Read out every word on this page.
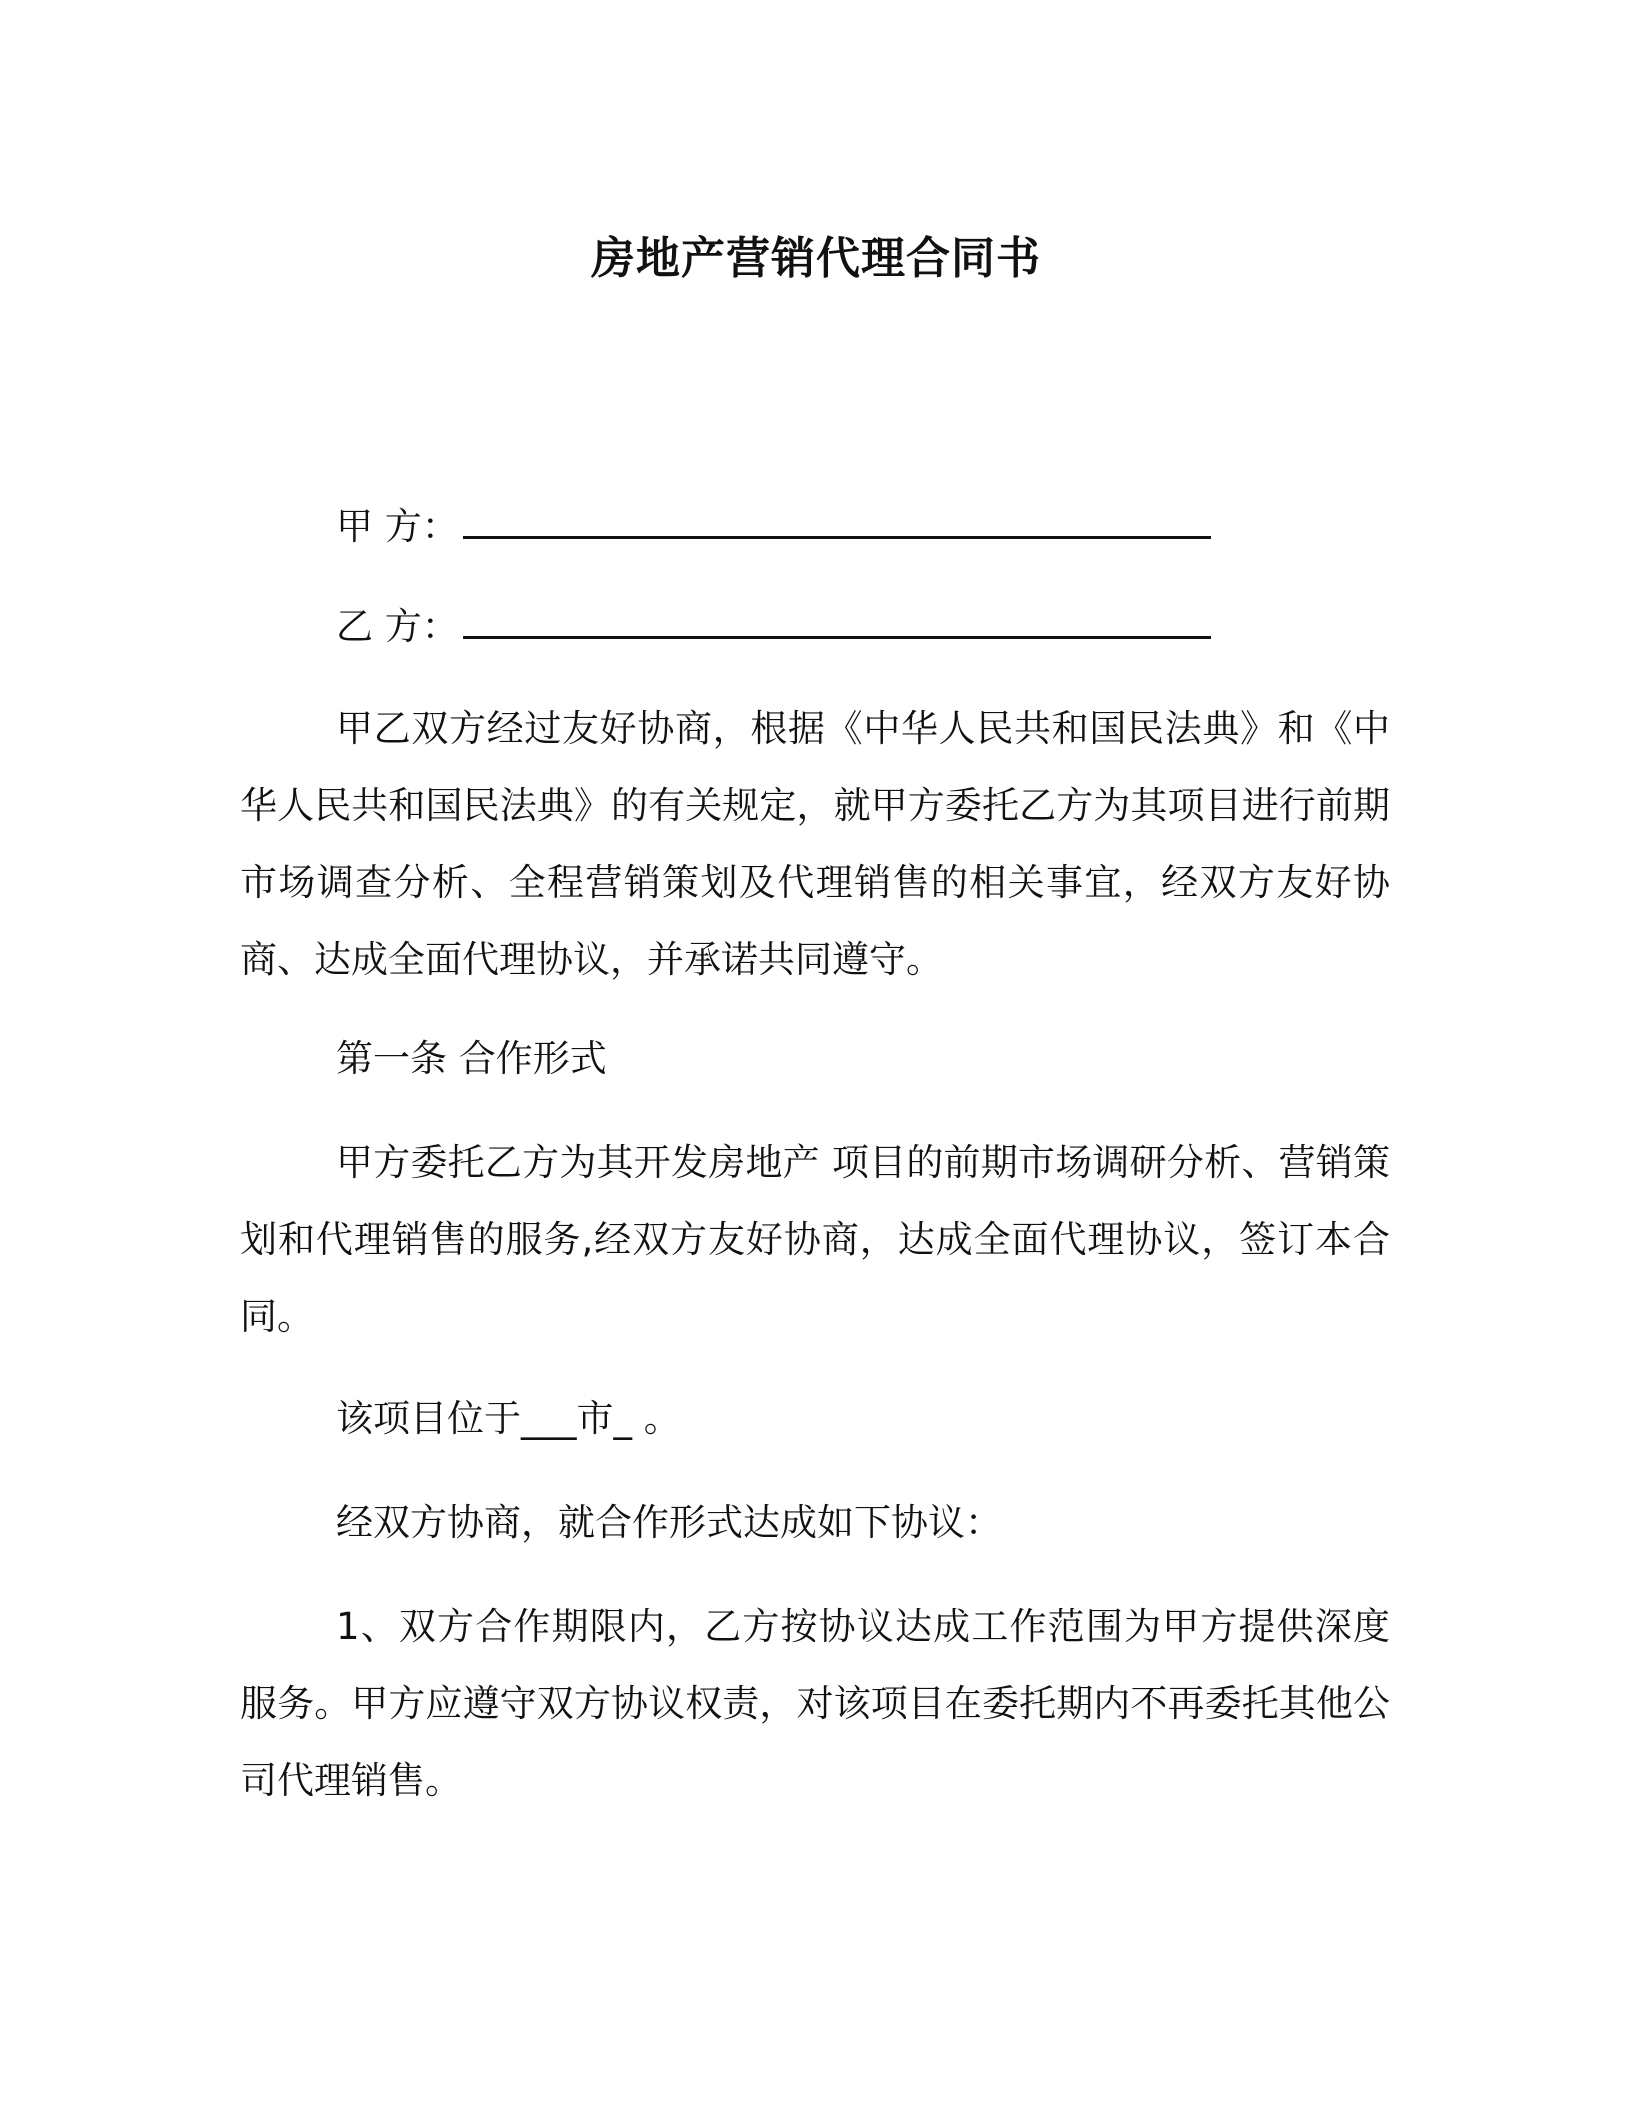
房地产营销代理合同书

甲 方：

乙 方：

甲乙双方经过友好协商，根据《中华人民共和国民法典》和《中华人民共和国民法典》的有关规定，就甲方委托乙方为其项目进行前期市场调查分析、全程营销策划及代理销售的相关事宜，经双方友好协商、达成全面代理协议，并承诺共同遵守。

第一条 合作形式

甲方委托乙方为其开发房地产 项目的前期市场调研分析、营销策划和代理销售的服务,经双方友好协商，达成全面代理协议，签订本合同。

该项目位于___市_ 。

经双方协商，就合作形式达成如下协议：

1、双方合作期限内，乙方按协议达成工作范围为甲方提供深度服务。甲方应遵守双方协议权责，对该项目在委托期内不再委托其他公司代理销售。
